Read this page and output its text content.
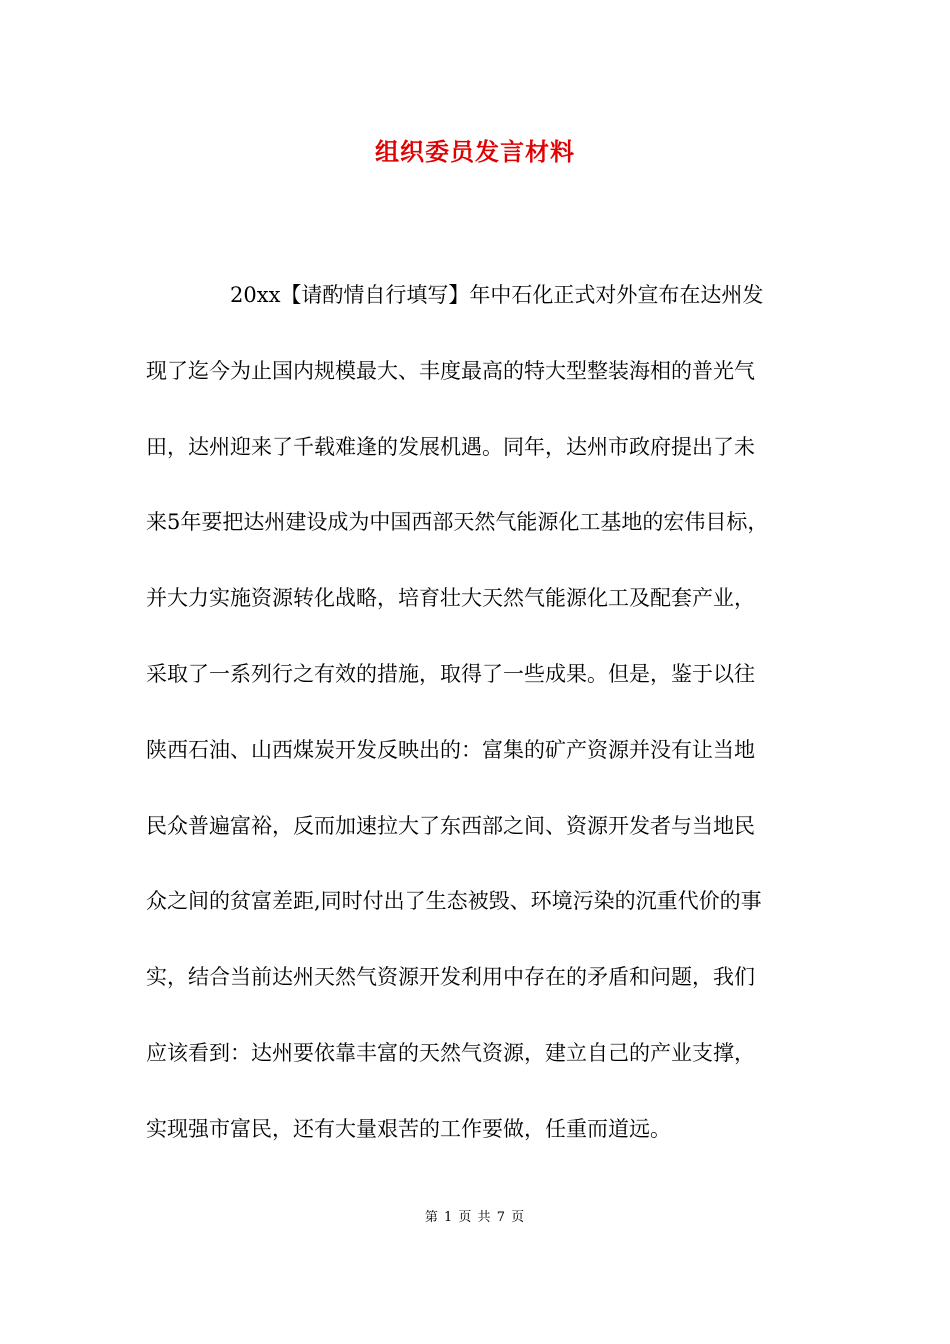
组织委员发言材料
20xx【请酌情自行填写】年中石化正式对外宣布在达州发
现了迄今为止国内规模最大、丰度最高的特大型整装海相的普光气
田，达州迎来了千载难逢的发展机遇。同年，达州市政府提出了未
来5年要把达州建设成为中国西部天然气能源化工基地的宏伟目标，
并大力实施资源转化战略，培育壮大天然气能源化工及配套产业，
采取了一系列行之有效的措施，取得了一些成果。但是，鉴于以往
陕西石油、山西煤炭开发反映出的：富集的矿产资源并没有让当地
民众普遍富裕，反而加速拉大了东西部之间、资源开发者与当地民
众之间的贫富差距,同时付出了生态被毁、环境污染的沉重代价的事
实，结合当前达州天然气资源开发利用中存在的矛盾和问题，我们
应该看到：达州要依靠丰富的天然气资源，建立自己的产业支撑，
实现强市富民，还有大量艰苦的工作要做，任重而道远。
第 1 页 共 7 页
